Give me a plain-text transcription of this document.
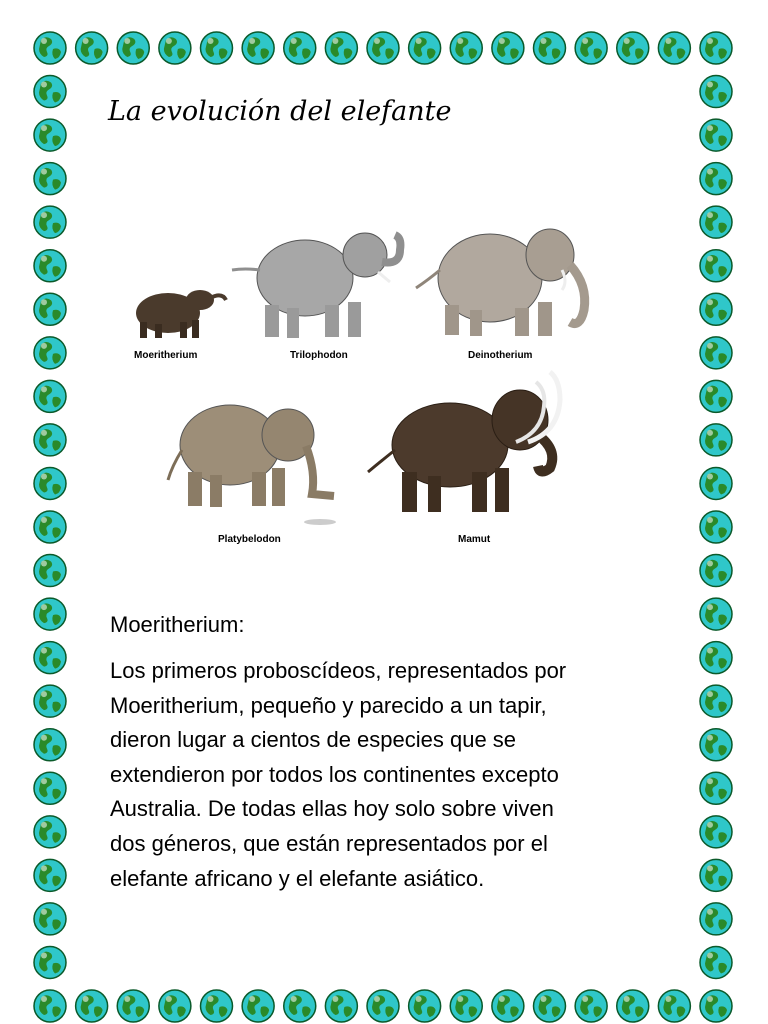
La evolución del elefante
Moeritherium	Trilophodon	Deinotherium
Platybelodon	Mamut
Moeritherium:

Los primeros proboscídeos, representados por
Moeritherium, pequeño y parecido a un tapir,
dieron lugar a cientos de especies que se
extendieron por todos los continentes excepto
Australia. De todas ellas hoy solo sobre viven
dos géneros, que están representados por el
elefante africano y el elefante asiático.
